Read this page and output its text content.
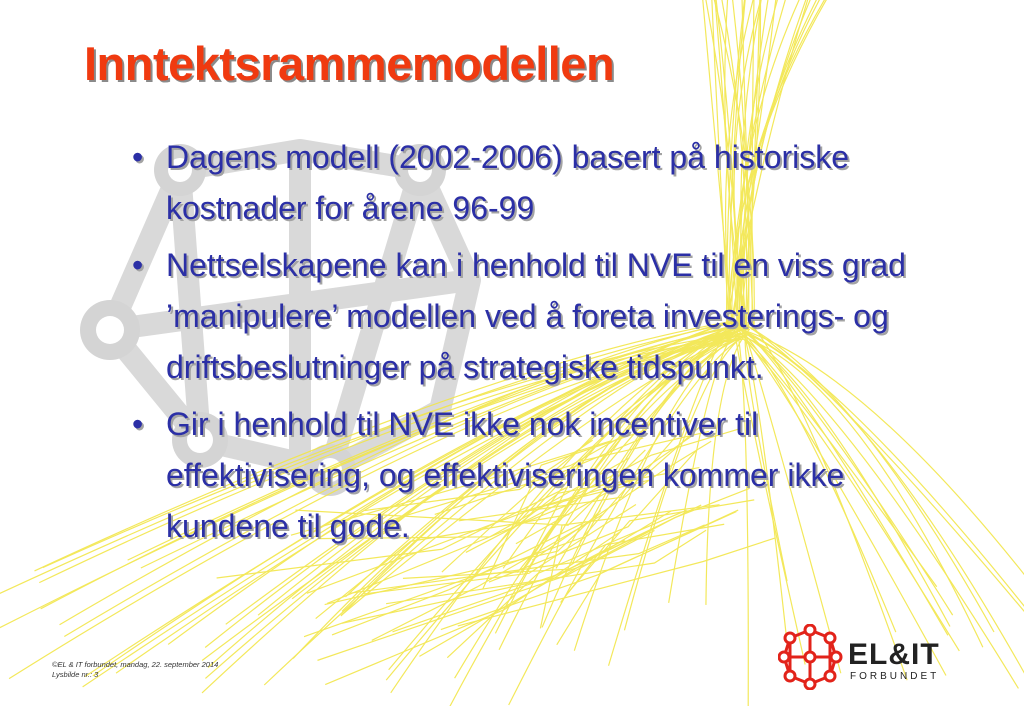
Inntektsrammemodellen
• Dagens modell (2002-2006) basert på historiske kostnader for årene 96-99
• Nettselskapene kan i henhold til NVE til en viss grad ’manipulere’ modellen ved å foreta investerings- og driftsbeslutninger på strategiske tidspunkt.
• Gir i henhold til NVE ikke nok incentiver til effektivisering, og effektiviseringen kommer ikke kundene til gode.
©EL & IT forbundet, mandag, 22. september 2014
Lysbilde nr.: 3
EL&IT
FORBUNDET
